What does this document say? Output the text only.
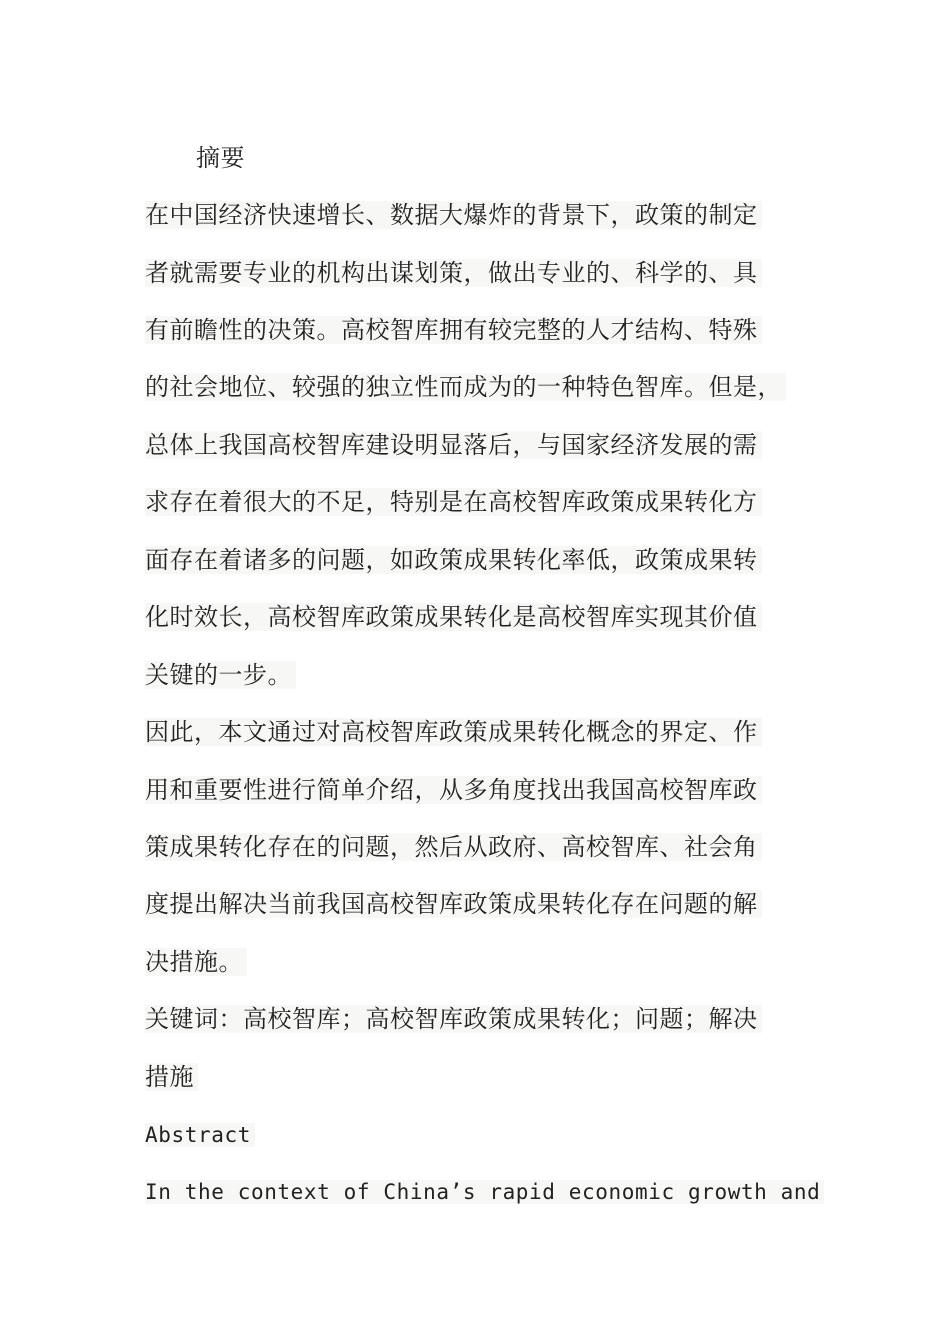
摘要
在中国经济快速增长、数据大爆炸的背景下，政策的制定
者就需要专业的机构出谋划策，做出专业的、科学的、具
有前瞻性的决策。高校智库拥有较完整的人才结构、特殊
的社会地位、较强的独立性而成为的一种特色智库。但是，
总体上我国高校智库建设明显落后，与国家经济发展的需
求存在着很大的不足，特别是在高校智库政策成果转化方
面存在着诸多的问题，如政策成果转化率低，政策成果转
化时效长，高校智库政策成果转化是高校智库实现其价值
关键的一步。
因此，本文通过对高校智库政策成果转化概念的界定、作
用和重要性进行简单介绍，从多角度找出我国高校智库政
策成果转化存在的问题，然后从政府、高校智库、社会角
度提出解决当前我国高校智库政策成果转化存在问题的解
决措施。
关键词：高校智库；高校智库政策成果转化；问题；解决
措施
Abstract
In the context of China’s rapid economic growth and
